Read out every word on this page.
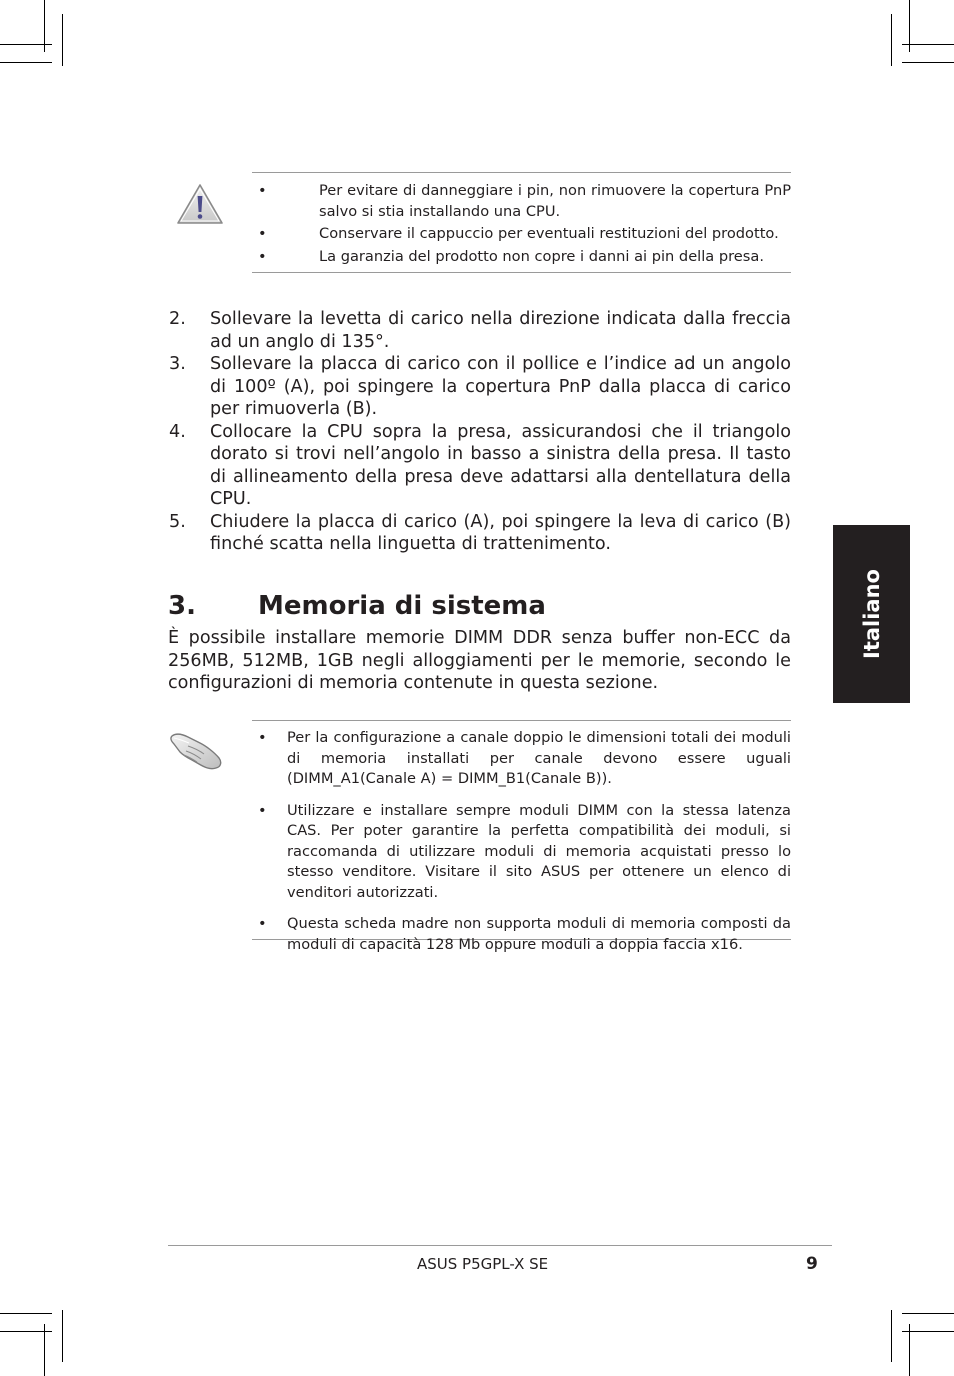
•	Per evitare di danneggiare i pin, non rimuovere la copertura PnP salvo si stia installando una CPU.
•	Conservare il cappuccio per eventuali restituzioni del prodotto.
•	La garanzia del prodotto non copre i danni ai pin della presa.
2. Sollevare la levetta di carico nella direzione indicata dalla freccia ad un anglo di 135°.
3. Sollevare la placca di carico con il pollice e l’indice ad un angolo di 100º (A), poi spingere la copertura PnP dalla placca di carico per rimuoverla (B).
4. Collocare la CPU sopra la presa, assicurandosi che il triangolo dorato si trovi nell’angolo in basso a sinistra della presa. Il tasto di allineamento della presa deve adattarsi alla dentellatura della CPU.
5. Chiudere la placca di carico (A), poi spingere la leva di carico (B) finché scatta nella linguetta di trattenimento.
3. Memoria di sistema

È possibile installare memorie DIMM DDR senza buffer non-ECC da 256MB, 512MB, 1GB negli alloggiamenti per le memorie, secondo le configurazioni di memoria contenute in questa sezione.

• Per la configurazione a canale doppio le dimensioni totali dei moduli di memoria installati per canale devono essere uguali (DIMM_A1(Canale A) = DIMM_B1(Canale B)).
• Utilizzare e installare sempre moduli DIMM con la stessa latenza CAS. Per poter garantire la perfetta compatibilità dei moduli, si raccomanda di utilizzare moduli di memoria acquistati presso lo stesso venditore. Visitare il sito ASUS per ottenere un elenco di venditori autorizzati.
• Questa scheda madre non supporta moduli di memoria composti da moduli di capacità 128 Mb oppure moduli a doppia faccia x16.
Italiano
ASUS P5GPL-X SE	9
